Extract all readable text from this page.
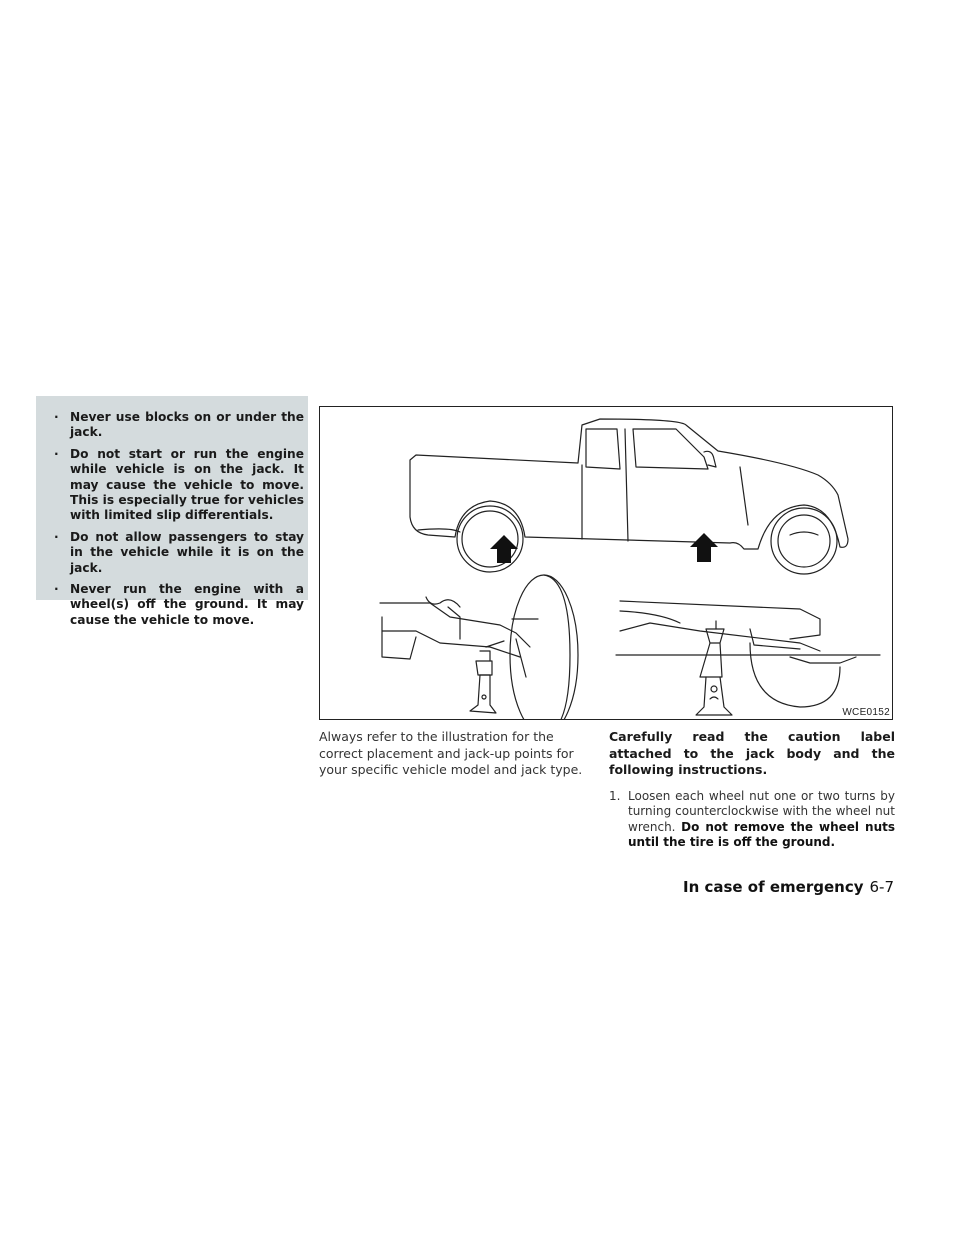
· Never use blocks on or under the jack.
· Do not start or run the engine while vehicle is on the jack. It may cause the vehicle to move. This is especially true for vehicles with limited slip differentials.
· Do not allow passengers to stay in the vehicle while it is on the jack.
· Never run the engine with a wheel(s) off the ground. It may cause the vehicle to move.
WCE0152

Always refer to the illustration for the correct placement and jack-up points for your specific vehicle model and jack type.

Carefully read the caution label attached to the jack body and the following instructions.

1. Loosen each wheel nut one or two turns by turning counterclockwise with the wheel nut wrench. Do not remove the wheel nuts until the tire is off the ground.
In case of emergency 6-7
